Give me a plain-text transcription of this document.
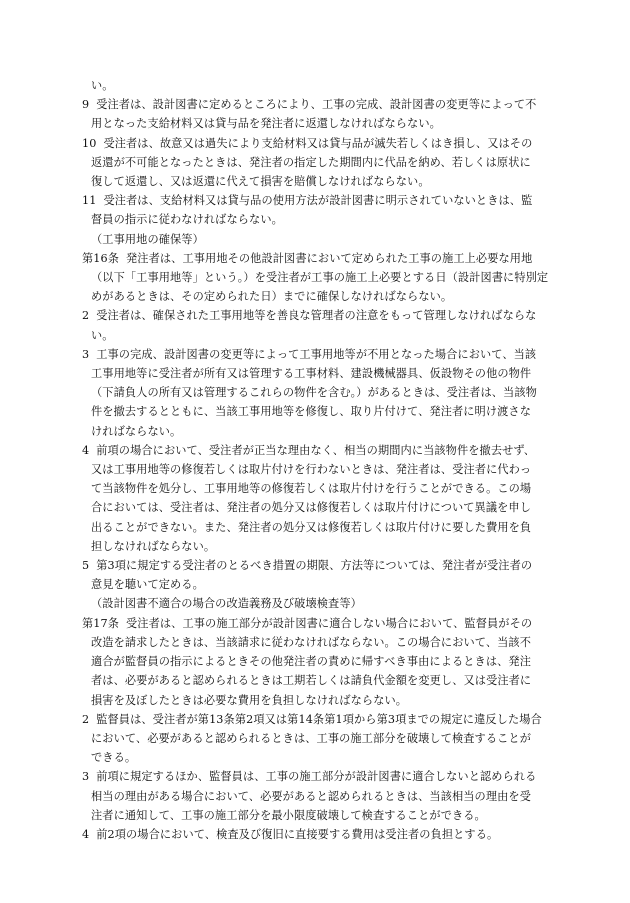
い。
9 受注者は、設計図書に定めるところにより、工事の完成、設計図書の変更等によって不
用となった支給材料又は貸与品を発注者に返還しなければならない。
10 受注者は、故意又は過失により支給材料又は貸与品が滅失若しくはき損し、又はその
返還が不可能となったときは、発注者の指定した期間内に代品を納め、若しくは原状に
復して返還し、又は返還に代えて損害を賠償しなければならない。
11 受注者は、支給材料又は貸与品の使用方法が設計図書に明示されていないときは、監
督員の指示に従わなければならない。
（工事用地の確保等）
第16条 発注者は、工事用地その他設計図書において定められた工事の施工上必要な用地
（以下「工事用地等」という。）を受注者が工事の施工上必要とする日（設計図書に特別定
めがあるときは、その定められた日）までに確保しなければならない。
2 受注者は、確保された工事用地等を善良な管理者の注意をもって管理しなければならな
い。
3 工事の完成、設計図書の変更等によって工事用地等が不用となった場合において、当該
工事用地等に受注者が所有又は管理する工事材料、建設機械器具、仮設物その他の物件
（下請負人の所有又は管理するこれらの物件を含む。）があるときは、受注者は、当該物
件を撤去するとともに、当該工事用地等を修復し、取り片付けて、発注者に明け渡さな
ければならない。
4 前項の場合において、受注者が正当な理由なく、相当の期間内に当該物件を撤去せず、
又は工事用地等の修復若しくは取片付けを行わないときは、発注者は、受注者に代わっ
て当該物件を処分し、工事用地等の修復若しくは取片付けを行うことができる。この場
合においては、受注者は、発注者の処分又は修復若しくは取片付けについて異議を申し
出ることができない。また、発注者の処分又は修復若しくは取片付けに要した費用を負
担しなければならない。
5 第3項に規定する受注者のとるべき措置の期限、方法等については、発注者が受注者の
意見を聴いて定める。
（設計図書不適合の場合の改造義務及び破壊検査等）
第17条 受注者は、工事の施工部分が設計図書に適合しない場合において、監督員がその
改造を請求したときは、当該請求に従わなければならない。この場合において、当該不
適合が監督員の指示によるときその他発注者の責めに帰すべき事由によるときは、発注
者は、必要があると認められるときは工期若しくは請負代金額を変更し、又は受注者に
損害を及ぼしたときは必要な費用を負担しなければならない。
2 監督員は、受注者が第13条第2項又は第14条第1項から第3項までの規定に違反した場合
において、必要があると認められるときは、工事の施工部分を破壊して検査することが
できる。
3 前項に規定するほか、監督員は、工事の施工部分が設計図書に適合しないと認められる
相当の理由がある場合において、必要があると認められるときは、当該相当の理由を受
注者に通知して、工事の施工部分を最小限度破壊して検査することができる。
4 前2項の場合において、検査及び復旧に直接要する費用は受注者の負担とする。
